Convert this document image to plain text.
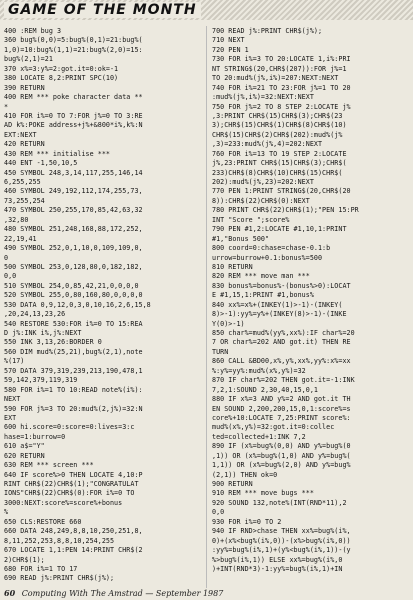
GAME OF THE MONTH
400 :REM bug 3
360 bug%(0,0)=5:bug%(0,1)=21:bug%(
1,0)=10:bug%(1,1)=21:bug%(2,0)=15:
bug%(2,1)=21
370 x%=3:y%=2:got.it=0:ok=-1
380 LOCATE 8,2:PRINT SPC(10)
390 RETURN
400 REM *** poke character data **
*
410 FOR i%=0 TO 7:FOR j%=0 TO 3:RE
AD k%:POKE address+j%+&800*i%,k%:N
EXT:NEXT
420 RETURN
430 REM *** initialise ***
440 ENT -1,50,10,5
450 SYMBOL 248,3,14,117,255,146,14
6,255,255
460 SYMBOL 249,192,112,174,255,73,
73,255,254
470 SYMBOL 250,255,170,85,42,63,32
,32,80
480 SYMBOL 251,248,168,88,172,252,
22,19,41
490 SYMBOL 252,0,1,10,0,109,109,0,
0
500 SYMBOL 253,0,128,80,0,182,182,
0,0
510 SYMBOL 254,0,85,42,21,0,0,0,0
520 SYMBOL 255,0,80,160,80,0,0,0,0
530 DATA 0,9,12,0,3,0,10,16,2,6,15,8
,20,24,13,23,26
540 RESTORE 530:FOR i%=0 TO 15:REA
D j%:INK i%,j%:NEXT
550 INK 3,13,26:BORDER 0
560 DIM mud%(25,21),bug%(2,1),note
%(17)
570 DATA 379,319,239,213,190,478,1
59,142,379,119,319
580 FOR i%=1 TO 10:READ note%(i%):
NEXT
590 FOR j%=3 TO 20:mud%(2,j%)=32:N
EXT
600 hi.score=0:score=0:lives=3:c
hase=1:burrow=0
610 a$="Y"
620 RETURN
630 REM *** screen ***
640 IF score%>0 THEN LOCATE 4,10:P
RINT CHR$(22)CHR$(1);"CONGRATULAT
IONS"CHR$(22)CHR$(0):FOR i%=0 TO
3000:NEXT:score%=score%+bonus
%
650 CLS:RESTORE 660
660 DATA 248,249,8,8,10,250,251,8,
8,11,252,253,8,8,10,254,255
670 LOCATE 1,1:PEN 14:PRINT CHR$(2
2)CHR$(1);
680 FOR i%=1 TO 17
690 READ j%:PRINT CHR$(j%);
700 READ j%:PRINT CHR$(j%);
710 NEXT
720 PEN 1
730 FOR i%=3 TO 20:LOCATE 1,i%:PRI
NT STRING$(20,CHR$(207)):FOR j%=1
TO 20:mud%(j%,i%)=207:NEXT:NEXT
740 FOR i%=21 TO 23:FOR j%=1 TO 20
:mud%(j%,i%)=32:NEXT:NEXT
750 FOR j%=2 TO 8 STEP 2:LOCATE j%
,3:PRINT CHR$(15)CHR$(3);CHR$(23
3);CHR$(15)CHR$(1)CHR$(8)CHR$(10)
CHR$(15)CHR$(2)CHR$(202):mud%(j%
,3)=233:mud%(j%,4)=202:NEXT
760 FOR i%=13 TO 19 STEP 2:LOCATE
j%,23:PRINT CHR$(15)CHR$(3);CHR$(
233)CHR$(8)CHR$(10)CHR$(15)CHR$(
202):mud%(j%,23)=202:NEXT
770 PEN 1:PRINT STRING$(20,CHR$(20
8)):CHR$(22)CHR$(0):NEXT
780 PRINT CHR$(22)CHR$(1);"PEN 15:PR
INT "Score ";score%
790 PEN #1,2:LOCATE #1,10,1:PRINT
#1,"Bonus 500"
800 coord=0:chase=chase-0.1:b
urrow=burrow+0.1:bonus%=500
810 RETURN
820 REM *** move man ***
830 bonus%=bonus%-(bonus%>0):LOCAT
E #1,15,1:PRINT #1,bonus%
840 xx%=x%+(INKEY(1)>-1)-(INKEY(
8)>-1):yy%=y%+(INKEY(8)>-1)-(INKE
Y(0)>-1)
850 char%=mud%(yy%,xx%):IF char%=20
7 OR char%=202 AND got.it) THEN RE
TURN
860 CALL &BD00,x%,y%,xx%,yy%:x%=xx
%:y%=yy%:mud%(x%,y%)=32
870 IF char%=202 THEN got.it=-1:INK
7,2,1:SOUND 2,30,40,15,0,1
880 IF x%=3 AND y%=2 AND got.it TH
EN SOUND 2,200,200,15,0,1:score%=s
core%+10:LOCATE 7,25:PRINT score%:
mud%(x%,y%)=32:got.it=0:collec
ted=collected+1:INK 7,2
890 IF (x%=bug%(0,0) AND y%=bug%(0
,1)) OR (x%=bug%(1,0) AND y%=bug%(
1,1)) OR (x%=bug%(2,0) AND y%=bug%
(2,1)) THEN ok=0
900 RETURN
910 REM *** move bugs ***
920 SOUND 132,note%(INT(RND*11),2
0,0
930 FOR i%=0 TO 2
940 IF RND>chase THEN xx%=bug%(i%,
0)+(x%<bug%(i%,0))-(x%>bug%(i%,0))
:yy%=bug%(i%,1)+(y%<bug%(i%,1))-(y
%>bug%(i%,1)) ELSE xx%=bug%(i%,0
)+INT(RND*3)-1:yy%=bug%(i%,1)+IN
60 Computing With The Amstrad — September 1987
